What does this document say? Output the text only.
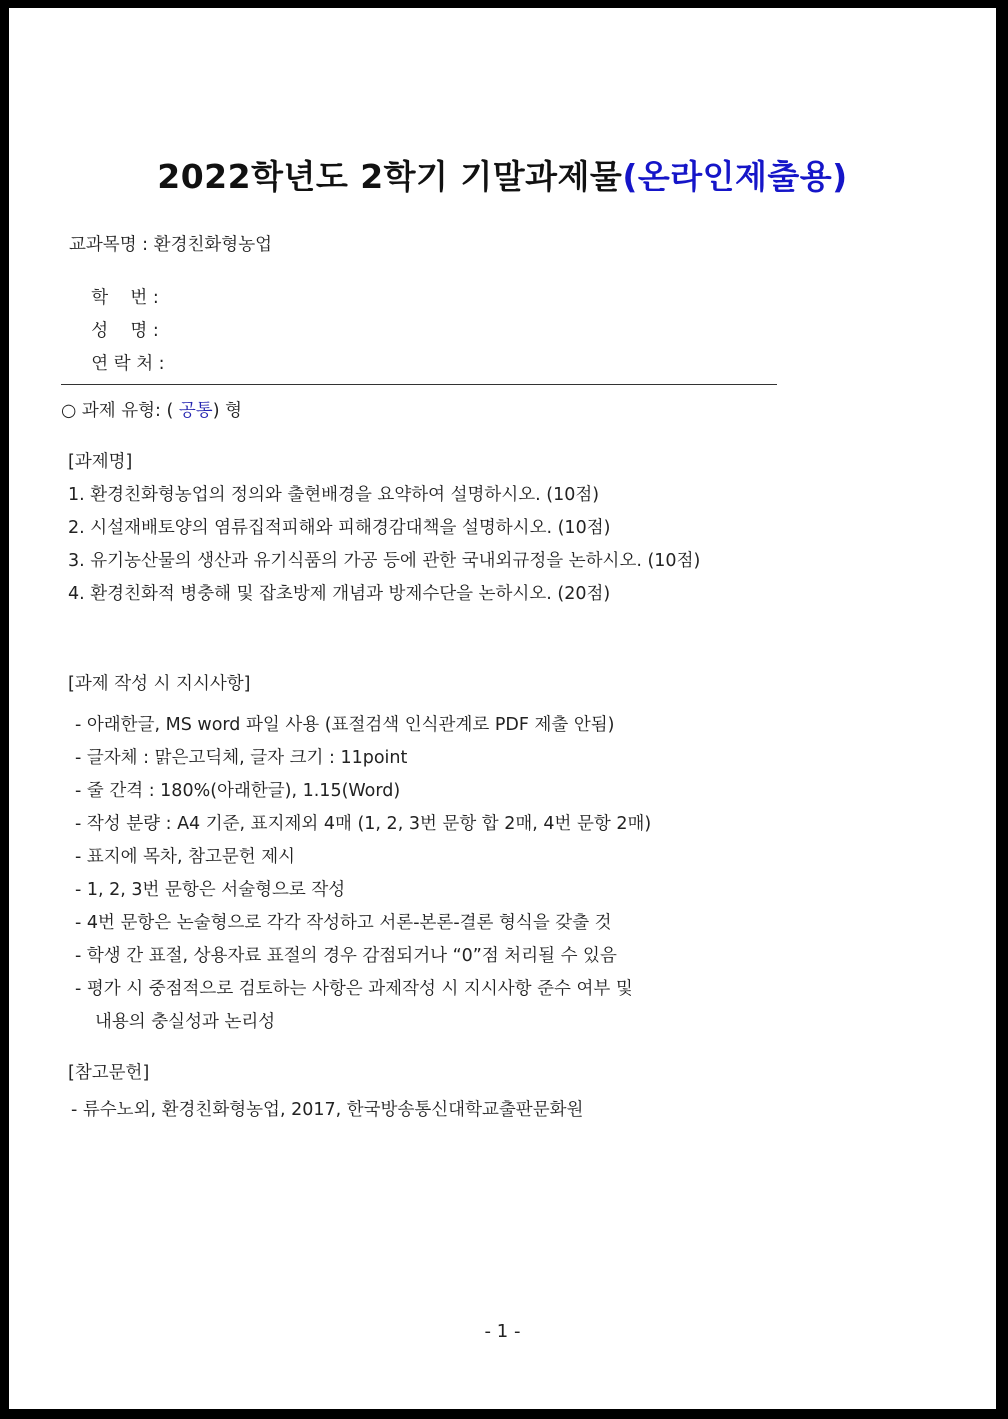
2022학년도 2학기 기말과제물(온라인제출용)
교과목명 : 환경친화형농업

학    번 :

성    명 :

연 락 처 :

○ 과제 유형: ( 공통) 형
[과제명]
1. 환경친화형농업의 정의와 출현배경을 요약하여 설명하시오. (10점)
2. 시설재배토양의 염류집적피해와 피해경감대책을 설명하시오. (10점)
3. 유기농산물의 생산과 유기식품의 가공 등에 관한 국내외규정을 논하시오. (10점)
4. 환경친화적 병충해 및 잡초방제 개념과 방제수단을 논하시오. (20점)
[과제 작성 시 지시사항]
- 아래한글, MS word 파일 사용 (표절검색 인식관계로 PDF 제출 안됨)
- 글자체 : 맑은고딕체, 글자 크기 : 11point
- 줄 간격 : 180%(아래한글), 1.15(Word)
- 작성 분량 : A4 기준, 표지제외 4매 (1, 2, 3번 문항 합 2매, 4번 문항 2매)
- 표지에 목차, 참고문헌 제시
- 1, 2, 3번 문항은 서술형으로 작성
- 4번 문항은 논술형으로 각각 작성하고 서론-본론-결론 형식을 갖출 것
- 학생 간 표절, 상용자료 표절의 경우 감점되거나 “0”점 처리될 수 있음
- 평가 시 중점적으로 검토하는 사항은 과제작성 시 지시사항 준수 여부 및
내용의 충실성과 논리성
[참고문헌]
- 류수노외, 환경친화형농업, 2017, 한국방송통신대학교출판문화원
- 1 -
